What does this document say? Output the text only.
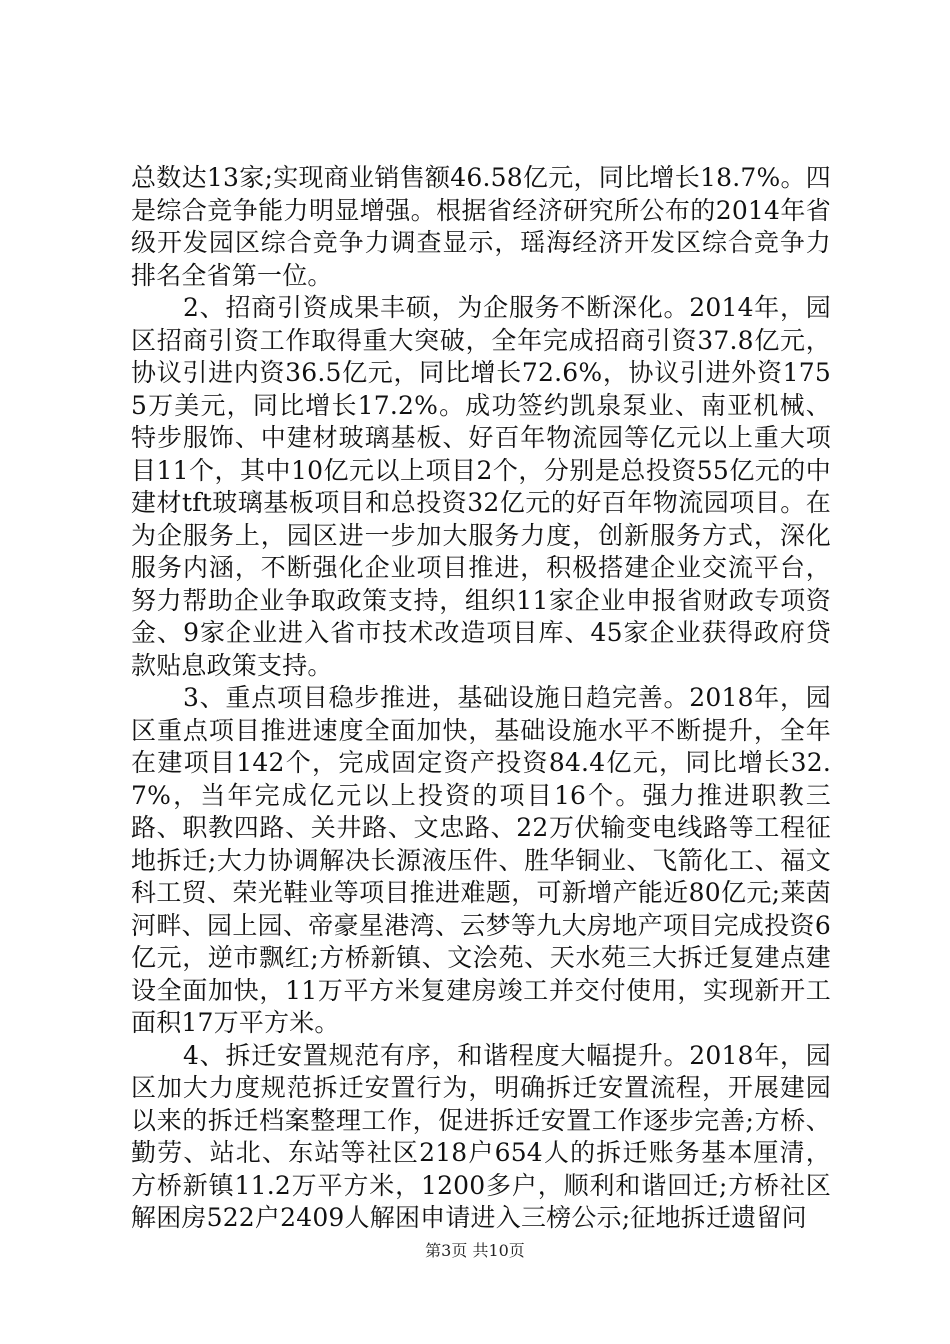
总数达13家;实现商业销售额46.58亿元，同比增长18.7%。四是综合竞争能力明显增强。根据省经济研究所公布的2014年省级开发园区综合竞争力调查显示，瑶海经济开发区综合竞争力排名全省第一位。

2、招商引资成果丰硕，为企服务不断深化。2014年，园区招商引资工作取得重大突破，全年完成招商引资37.8亿元，协议引进内资36.5亿元，同比增长72.6%，协议引进外资1755万美元，同比增长17.2%。成功签约凯泉泵业、南亚机械、特步服饰、中建材玻璃基板、好百年物流园等亿元以上重大项目11个，其中10亿元以上项目2个，分别是总投资55亿元的中建材tft玻璃基板项目和总投资32亿元的好百年物流园项目。在为企服务上，园区进一步加大服务力度，创新服务方式，深化服务内涵，不断强化企业项目推进，积极搭建企业交流平台，努力帮助企业争取政策支持，组织11家企业申报省财政专项资金、9家企业进入省市技术改造项目库、45家企业获得政府贷款贴息政策支持。

3、重点项目稳步推进，基础设施日趋完善。2018年，园区重点项目推进速度全面加快，基础设施水平不断提升，全年在建项目142个，完成固定资产投资84.4亿元，同比增长32.7%，当年完成亿元以上投资的项目16个。强力推进职教三路、职教四路、关井路、文忠路、22万伏输变电线路等工程征地拆迁;大力协调解决长源液压件、胜华铜业、飞箭化工、福文科工贸、荣光鞋业等项目推进难题，可新增产能近80亿元;莱茵河畔、园上园、帝豪星港湾、云梦等九大房地产项目完成投资6亿元，逆市飘红;方桥新镇、文浍苑、天水苑三大拆迁复建点建设全面加快，11万平方米复建房竣工并交付使用，实现新开工面积17万平方米。

4、拆迁安置规范有序，和谐程度大幅提升。2018年，园区加大力度规范拆迁安置行为，明确拆迁安置流程，开展建园以来的拆迁档案整理工作，促进拆迁安置工作逐步完善;方桥、勤劳、站北、东站等社区218户654人的拆迁账务基本厘清，方桥新镇11.2万平方米，1200多户，顺利和谐回迁;方桥社区解困房522户2409人解困申请进入三榜公示;征地拆迁遗留问

第3页 共10页
